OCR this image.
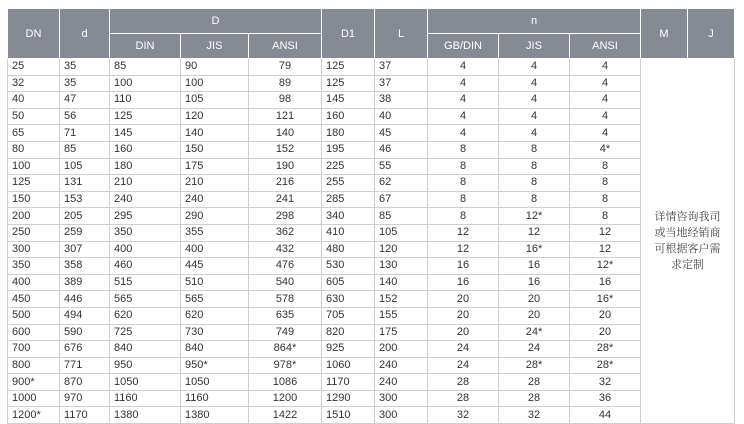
DN	d	D			D1	L	n			M	J
		DIN	JIS	ANSI			GB/DIN	JIS	ANSI		
25	35	85	90	79	125	37	4	4	4	详情咨询我司
或当地经销商
可根据客户需
求定制	

32	35	100	100	89	125	37	4	4	4		
40	47	110	105	98	145	38	4	4	4		
50	56	125	120	121	160	40	4	4	4		
65	71	145	140	140	180	45	4	4	4		
80	85	160	150	152	195	46	8	8	4*		
100	105	180	175	190	225	55	8	8	8		
125	131	210	210	216	255	62	8	8	8		
150	153	240	240	241	285	67	8	8	8		
200	205	295	290	298	340	85	8	12*	8		
250	259	350	355	362	410	105	12	12	12		
300	307	400	400	432	480	120	12	16*	12		
350	358	460	445	476	530	130	16	16	12*		
400	389	515	510	540	605	140	16	16	16		
450	446	565	565	578	630	152	20	20	16*		
500	494	620	620	635	705	155	20	20	20		
600	590	725	730	749	820	175	20	24*	20		
700	676	840	840	864*	925	200	24	24	28*		
800	771	950	950*	978*	1060	240	24	28*	28*		
900*	870	1050	1050	1086	1170	240	28	28	32		
1000	970	1160	1160	1200	1290	300	28	28	36		
1200*	1170	1380	1380	1422	1510	300	32	32	44		
